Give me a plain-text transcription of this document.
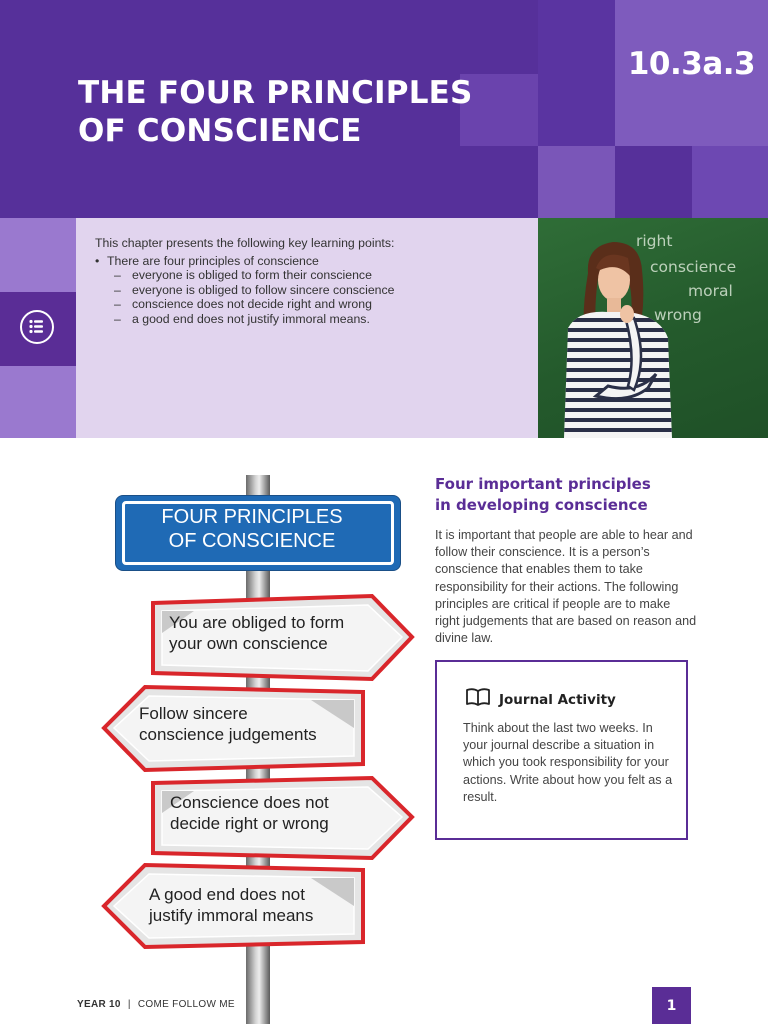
THE FOUR PRINCIPLES
OF CONSCIENCE
10.3a.3

This chapter presents the following key learning points:

• There are four principles of conscience
– everyone is obliged to form their conscience
– everyone is obliged to follow sincere conscience
– conscience does not decide right and wrong
– a good end does not justify immoral means.
right
conscience
moral
wrong
FOUR PRINCIPLES
OF CONSCIENCE
You are obliged to form
your own conscience
Follow sincere
conscience judgements
Conscience does not
decide right or wrong
A good end does not
justify immoral means
Four important principles
in developing conscience

It is important that people are able to hear and follow their conscience. It is a person’s conscience that enables them to take responsibility for their actions. The following principles are critical if people are to make right judgements that are based on reason and divine law.

Journal Activity

Think about the last two weeks. In your journal describe a situation in which you took responsibility for your actions. Write about how you felt as a result.

YEAR 10 | COME FOLLOW ME	1
